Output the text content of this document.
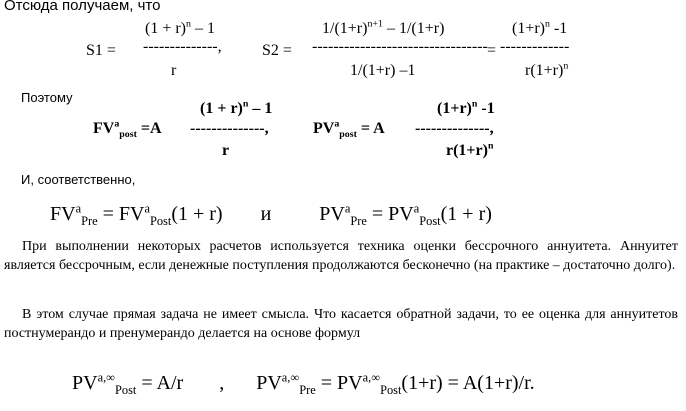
Отсюда получаем, что
S1 =
$(1 + r)^n - 1$
--------------,
r
S2 =
$1/(1+r)^{n+1} - 1/(1+r)$
---------------------------------
1/(1+r) –1
=
$(1+r)^n$ -1
-------------
$r(1+r)^n$
Поэтому
$FV^a_{post} =A$
$(1 + r)^n - 1$
--------------,
r
$PV^a_{post} = A$
$(1+r)^n$ -1
--------------,
$r(1+r)^n$
И, соответственно,
$FV^a_{Pre} = FV^a_{Post}(1 + r)$ и $PV^a_{Pre} = PV^a_{Post}(1 + r)$
При выполнении некоторых расчетов используется техника оценки бессрочного аннуитета. Аннуитет является бессрочным, если денежные поступления продолжаются бесконечно (на практике – достаточно долго).
В этом случае прямая задача не имеет смысла. Что касается обратной задачи, то ее оценка для аннуитетов постнумерандо и пренумерандо делается на основе формул
$PV^{a,\infty}_{Post} = A/r$ , $PV^{a,\infty}_{Pre} = PV^{a,\infty}_{Post}(1+r) = A(1+r)/r$.
